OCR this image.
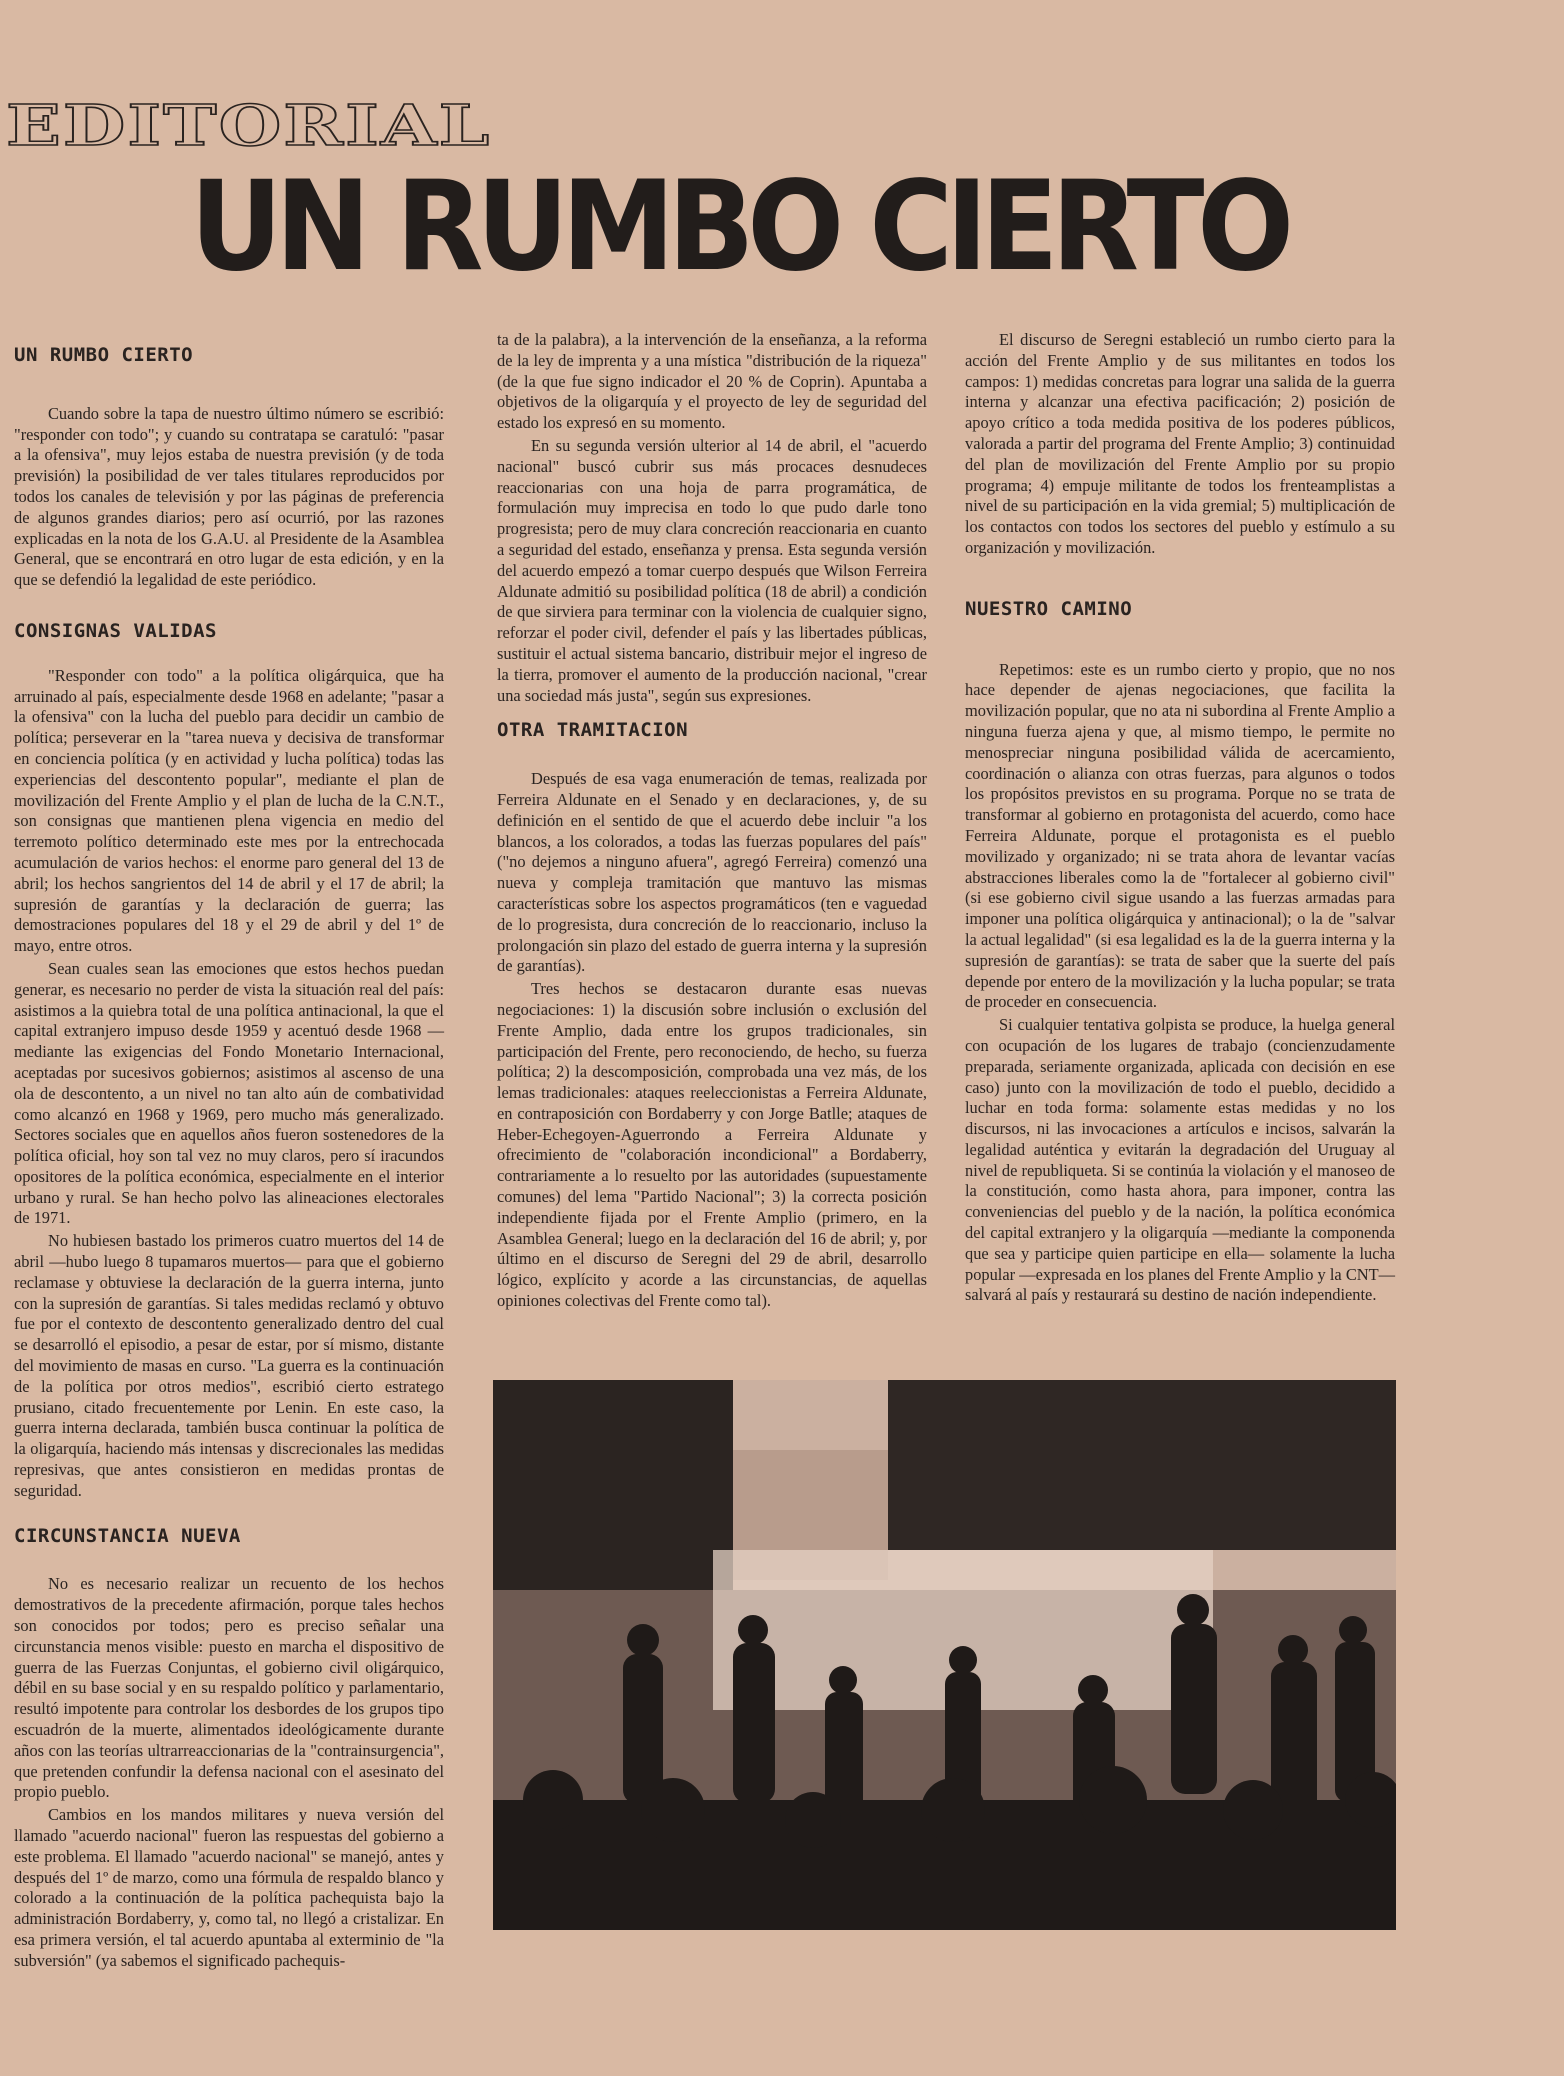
EDITORIAL
UN RUMBO CIERTO

UN RUMBO CIERTO

Cuando sobre la tapa de nuestro último número se escribió: "responder con todo"; y cuando su contratapa se caratuló: "pasar a la ofensiva", muy lejos estaba de nuestra previsión (y de toda previsión) la posibilidad de ver tales titulares reproducidos por todos los canales de televisión y por las páginas de preferencia de algunos grandes diarios; pero así ocurrió, por las razones explicadas en la nota de los G.A.U. al Presidente de la Asamblea General, que se encontrará en otro lugar de esta edición, y en la que se defendió la legalidad de este periódico.

CONSIGNAS VALIDAS

"Responder con todo" a la política oligárquica, que ha arruinado al país, especialmente desde 1968 en adelante; "pasar a la ofensiva" con la lucha del pueblo para decidir un cambio de política; perseverar en la "tarea nueva y decisiva de transformar en conciencia política (y en actividad y lucha política) todas las experiencias del descontento popular", mediante el plan de movilización del Frente Amplio y el plan de lucha de la C.N.T., son consignas que mantienen plena vigencia en medio del terremoto político determinado este mes por la entrechocada acumulación de varios hechos: el enorme paro general del 13 de abril; los hechos sangrientos del 14 de abril y el 17 de abril; la supresión de garantías y la declaración de guerra; las demostraciones populares del 18 y el 29 de abril y del 1º de mayo, entre otros.

Sean cuales sean las emociones que estos hechos puedan generar, es necesario no perder de vista la situación real del país: asistimos a la quiebra total de una política antinacional, la que el capital extranjero impuso desde 1959 y acentuó desde 1968 —mediante las exigencias del Fondo Monetario Internacional, aceptadas por sucesivos gobiernos; asistimos al ascenso de una ola de descontento, a un nivel no tan alto aún de combatividad como alcanzó en 1968 y 1969, pero mucho más generalizado. Sectores sociales que en aquellos años fueron sostenedores de la política oficial, hoy son tal vez no muy claros, pero sí iracundos opositores de la política económica, especialmente en el interior urbano y rural. Se han hecho polvo las alineaciones electorales de 1971.

No hubiesen bastado los primeros cuatro muertos del 14 de abril —hubo luego 8 tupamaros muertos— para que el gobierno reclamase y obtuviese la declaración de la guerra interna, junto con la supresión de garantías. Si tales medidas reclamó y obtuvo fue por el contexto de descontento generalizado dentro del cual se desarrolló el episodio, a pesar de estar, por sí mismo, distante del movimiento de masas en curso. "La guerra es la continuación de la política por otros medios", escribió cierto estratego prusiano, citado frecuentemente por Lenin. En este caso, la guerra interna declarada, también busca continuar la política de la oligarquía, haciendo más intensas y discrecionales las medidas represivas, que antes consistieron en medidas prontas de seguridad.

CIRCUNSTANCIA NUEVA

No es necesario realizar un recuento de los hechos demostrativos de la precedente afirmación, porque tales hechos son conocidos por todos; pero es preciso señalar una circunstancia menos visible: puesto en marcha el dispositivo de guerra de las Fuerzas Conjuntas, el gobierno civil oligárquico, débil en su base social y en su respaldo político y parlamentario, resultó impotente para controlar los desbordes de los grupos tipo escuadrón de la muerte, alimentados ideológicamente durante años con las teorías ultrarreaccionarias de la "contrainsurgencia", que pretenden confundir la defensa nacional con el asesinato del propio pueblo.

Cambios en los mandos militares y nueva versión del llamado "acuerdo nacional" fueron las respuestas del gobierno a este problema. El llamado "acuerdo nacional" se manejó, antes y después del 1º de marzo, como una fórmula de respaldo blanco y colorado a la continuación de la política pachequista bajo la administración Bordaberry, y, como tal, no llegó a cristalizar. En esa primera versión, el tal acuerdo apuntaba al exterminio de "la subversión" (ya sabemos el significado pachequis-

ta de la palabra), a la intervención de la enseñanza, a la reforma de la ley de imprenta y a una mística "distribución de la riqueza" (de la que fue signo indicador el 20 % de Coprin). Apuntaba a objetivos de la oligarquía y el proyecto de ley de seguridad del estado los expresó en su momento.

En su segunda versión ulterior al 14 de abril, el "acuerdo nacional" buscó cubrir sus más procaces desnudeces reaccionarias con una hoja de parra programática, de formulación muy imprecisa en todo lo que pudo darle tono progresista; pero de muy clara concreción reaccionaria en cuanto a seguridad del estado, enseñanza y prensa. Esta segunda versión del acuerdo empezó a tomar cuerpo después que Wilson Ferreira Aldunate admitió su posibilidad política (18 de abril) a condición de que sirviera para terminar con la violencia de cualquier signo, reforzar el poder civil, defender el país y las libertades públicas, sustituir el actual sistema bancario, distribuir mejor el ingreso de la tierra, promover el aumento de la producción nacional, "crear una sociedad más justa", según sus expresiones.

OTRA TRAMITACION

Después de esa vaga enumeración de temas, realizada por Ferreira Aldunate en el Senado y en declaraciones, y, de su definición en el sentido de que el acuerdo debe incluir "a los blancos, a los colorados, a todas las fuerzas populares del país" ("no dejemos a ninguno afuera", agregó Ferreira) comenzó una nueva y compleja tramitación que mantuvo las mismas características sobre los aspectos programáticos (ten e vaguedad de lo progresista, dura concreción de lo reaccionario, incluso la prolongación sin plazo del estado de guerra interna y la supresión de garantías).

Tres hechos se destacaron durante esas nuevas negociaciones: 1) la discusión sobre inclusión o exclusión del Frente Amplio, dada entre los grupos tradicionales, sin participación del Frente, pero reconociendo, de hecho, su fuerza política; 2) la descomposición, comprobada una vez más, de los lemas tradicionales: ataques reeleccionistas a Ferreira Aldunate, en contraposición con Bordaberry y con Jorge Batlle; ataques de Heber-Echegoyen-Aguerrondo a Ferreira Aldunate y ofrecimiento de "colaboración incondicional" a Bordaberry, contrariamente a lo resuelto por las autoridades (supuestamente comunes) del lema "Partido Nacional"; 3) la correcta posición independiente fijada por el Frente Amplio (primero, en la Asamblea General; luego en la declaración del 16 de abril; y, por último en el discurso de Seregni del 29 de abril, desarrollo lógico, explícito y acorde a las circunstancias, de aquellas opiniones colectivas del Frente como tal).

El discurso de Seregni estableció un rumbo cierto para la acción del Frente Amplio y de sus militantes en todos los campos: 1) medidas concretas para lograr una salida de la guerra interna y alcanzar una efectiva pacificación; 2) posición de apoyo crítico a toda medida positiva de los poderes públicos, valorada a partir del programa del Frente Amplio; 3) continuidad del plan de movilización del Frente Amplio por su propio programa; 4) empuje militante de todos los frenteamplistas a nivel de su participación en la vida gremial; 5) multiplicación de los contactos con todos los sectores del pueblo y estímulo a su organización y movilización.

NUESTRO CAMINO

Repetimos: este es un rumbo cierto y propio, que no nos hace depender de ajenas negociaciones, que facilita la movilización popular, que no ata ni subordina al Frente Amplio a ninguna fuerza ajena y que, al mismo tiempo, le permite no menospreciar ninguna posibilidad válida de acercamiento, coordinación o alianza con otras fuerzas, para algunos o todos los propósitos previstos en su programa. Porque no se trata de transformar al gobierno en protagonista del acuerdo, como hace Ferreira Aldunate, porque el protagonista es el pueblo movilizado y organizado; ni se trata ahora de levantar vacías abstracciones liberales como la de "fortalecer al gobierno civil" (si ese gobierno civil sigue usando a las fuerzas armadas para imponer una política oligárquica y antinacional); o la de "salvar la actual legalidad" (si esa legalidad es la de la guerra interna y la supresión de garantías): se trata de saber que la suerte del país depende por entero de la movilización y la lucha popular; se trata de proceder en consecuencia.

Si cualquier tentativa golpista se produce, la huelga general con ocupación de los lugares de trabajo (concienzudamente preparada, seriamente organizada, aplicada con decisión en ese caso) junto con la movilización de todo el pueblo, decidido a luchar en toda forma: solamente estas medidas y no los discursos, ni las invocaciones a artículos e incisos, salvarán la legalidad auténtica y evitarán la degradación del Uruguay al nivel de republiqueta. Si se continúa la violación y el manoseo de la constitución, como hasta ahora, para imponer, contra las conveniencias del pueblo y de la nación, la política económica del capital extranjero y la oligarquía —mediante la componenda que sea y participe quien participe en ella— solamente la lucha popular —expresada en los planes del Frente Amplio y la CNT— salvará al país y restaurará su destino de nación independiente.
